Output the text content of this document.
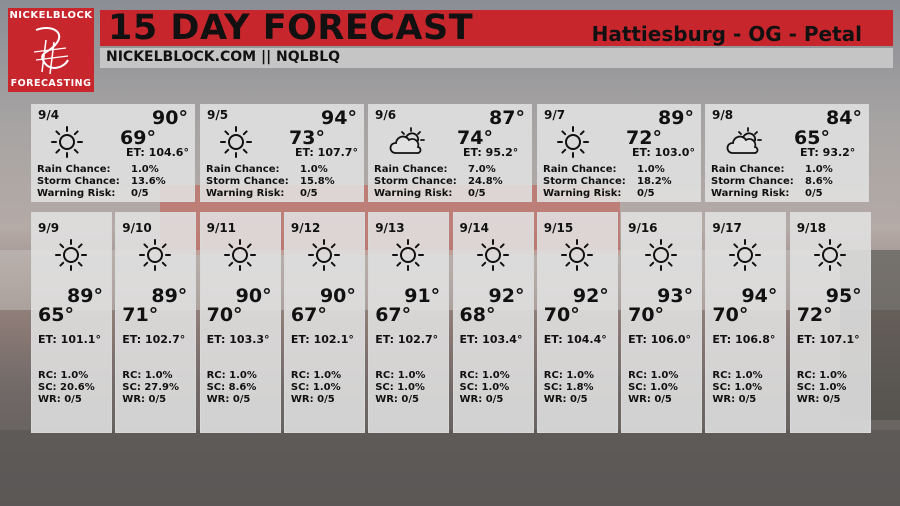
NICKELBLOCK
FORECASTING
15 DAY FORECAST	Hattiesburg - OG - Petal
NICKELBLOCK.COM || NQLBLQ
9/4	90°
69°
ET: 104.6°
Rain Chance:	1.0%
Storm Chance:	13.6%
Warning Risk:	0/5
9/5	94°
73°
ET: 107.7°
Rain Chance:	1.0%
Storm Chance:	15.8%
Warning Risk:	0/5
9/6	87°
74°
ET: 95.2°
Rain Chance:	7.0%
Storm Chance:	24.8%
Warning Risk:	0/5
9/7	89°
72°
ET: 103.0°
Rain Chance:	1.0%
Storm Chance:	18.2%
Warning Risk:	0/5
9/8	84°
65°
ET: 93.2°
Rain Chance:	1.0%
Storm Chance:	8.6%
Warning Risk:	0/5
9/9
89°
65°
ET: 101.1°
RC: 1.0%
SC: 20.6%
WR: 0/5
9/10
89°
71°
ET: 102.7°
RC: 1.0%
SC: 27.9%
WR: 0/5
9/11
90°
70°
ET: 103.3°
RC: 1.0%
SC: 8.6%
WR: 0/5
9/12
90°
67°
ET: 102.1°
RC: 1.0%
SC: 1.0%
WR: 0/5
9/13
91°
67°
ET: 102.7°
RC: 1.0%
SC: 1.0%
WR: 0/5
9/14
92°
68°
ET: 103.4°
RC: 1.0%
SC: 1.0%
WR: 0/5
9/15
92°
70°
ET: 104.4°
RC: 1.0%
SC: 1.8%
WR: 0/5
9/16
93°
70°
ET: 106.0°
RC: 1.0%
SC: 1.0%
WR: 0/5
9/17
94°
70°
ET: 106.8°
RC: 1.0%
SC: 1.0%
WR: 0/5
9/18
95°
72°
ET: 107.1°
RC: 1.0%
SC: 1.0%
WR: 0/5
